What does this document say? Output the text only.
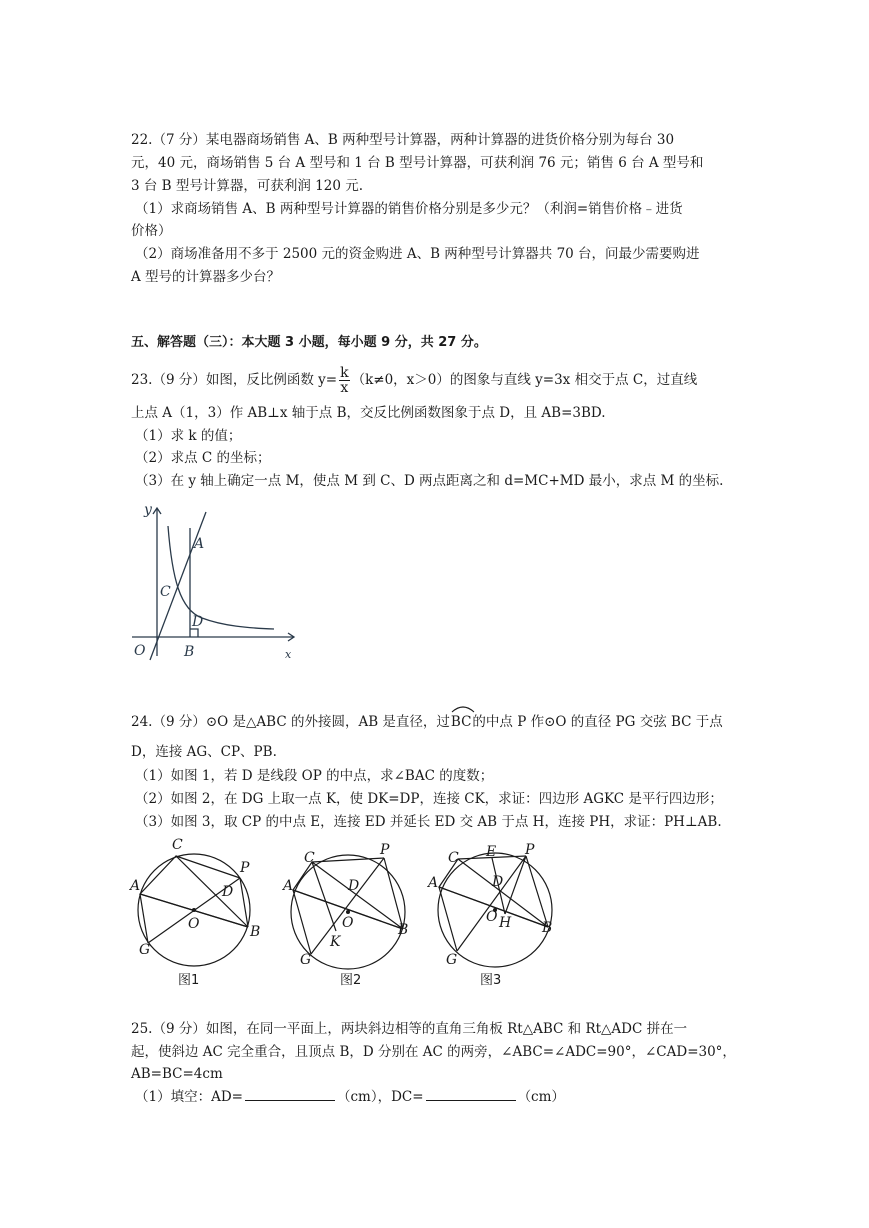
22.（7 分）某电器商场销售 A、B 两种型号计算器，两种计算器的进货价格分别为每台 30
元，40 元，商场销售 5 台 A 型号和 1 台 B 型号计算器，可获利润 76 元；销售 6 台 A 型号和
3 台 B 型号计算器，可获利润 120 元.
（1）求商场销售 A、B 两种型号计算器的销售价格分别是多少元？（利润=销售价格﹣进货
价格）
（2）商场准备用不多于 2500 元的资金购进 A、B 两种型号计算器共 70 台，问最少需要购进
A 型号的计算器多少台？
五、解答题（三）：本大题 3 小题，每小题 9 分，共 27 分。
23.（9 分）如图，反比例函数 $y= \frac{k}{x} (k\ne 0$，x＞0）的图象与直线 y=3x 相交于点 C，过直线
上点 A（1，3）作 AB⊥x 轴于点 B，交反比例函数图象于点 D，且 AB=3BD.
（1）求 k 的值；
（2）求点 C 的坐标；
（3）在 y 轴上确定一点 M，使点 M 到 C、D 两点距离之和 d=MC+MD 最小，求点 M 的坐标.
y
x
A
C
D
O	B
24.（9 分）⊙O 是△ABC 的外接圆，AB 是直径，过
BC的中点 P 作⊙O 的直径 PG 交弦 BC 于点
D，连接 AG、CP、PB.
（1）如图 1，若 D 是线段 OP 的中点，求∠BAC 的度数；
（2）如图 2，在 DG 上取一点 K，使 DK=DP，连接 CK，求证：四边形 AGKC 是平行四边形；
（3）如图 3，取 CP 的中点 E，连接 ED 并延长 ED 交 AB 于点 H，连接 PH，求证：PH⊥AB.
C
P
A	D
O	B
G
C	P
A	D
O
K
B
G
C E P
A	D
O H B
G
图1	图2	图3
25.（9 分）如图，在同一平面上，两块斜边相等的直角三角板 Rt△ABC 和 Rt△ADC 拼在一
起，使斜边 AC 完全重合，且顶点 B，D 分别在 AC 的两旁，∠ABC=∠ADC=90°，∠CAD=30°，
AB=BC=4cm
（1）填空：AD=	（cm），DC=	（cm）
